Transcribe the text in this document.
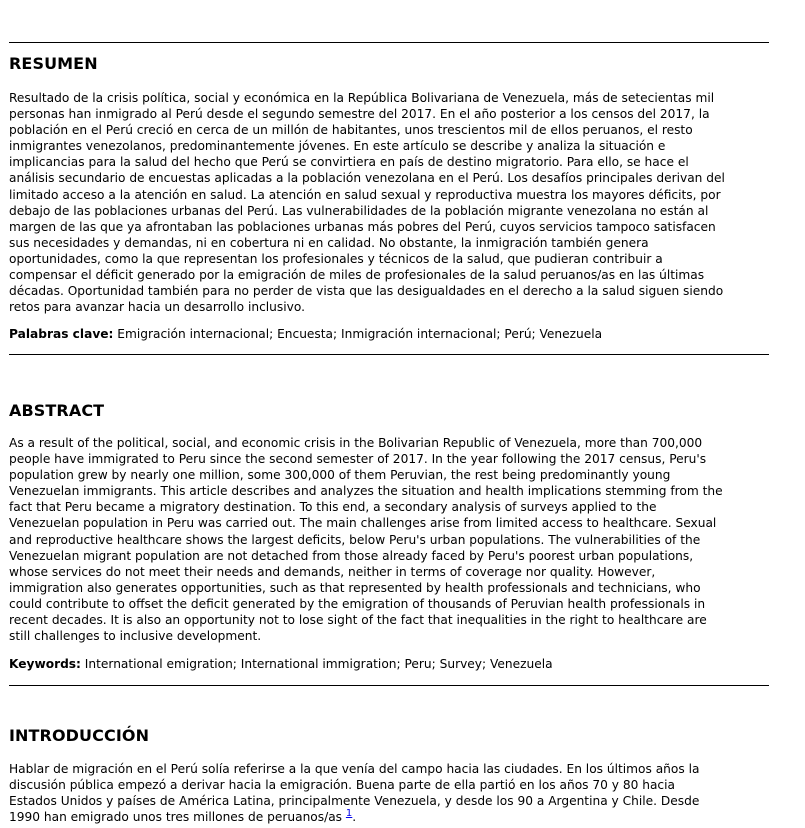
RESUMEN
Resultado de la crisis política, social y económica en la República Bolivariana de Venezuela, más de setecientas mil
personas han inmigrado al Perú desde el segundo semestre del 2017. En el año posterior a los censos del 2017, la
población en el Perú creció en cerca de un millón de habitantes, unos trescientos mil de ellos peruanos, el resto
inmigrantes venezolanos, predominantemente jóvenes. En este artículo se describe y analiza la situación e
implicancias para la salud del hecho que Perú se convirtiera en país de destino migratorio. Para ello, se hace el
análisis secundario de encuestas aplicadas a la población venezolana en el Perú. Los desafíos principales derivan del
limitado acceso a la atención en salud. La atención en salud sexual y reproductiva muestra los mayores déficits, por
debajo de las poblaciones urbanas del Perú. Las vulnerabilidades de la población migrante venezolana no están al
margen de las que ya afrontaban las poblaciones urbanas más pobres del Perú, cuyos servicios tampoco satisfacen
sus necesidades y demandas, ni en cobertura ni en calidad. No obstante, la inmigración también genera
oportunidades, como la que representan los profesionales y técnicos de la salud, que pudieran contribuir a
compensar el déficit generado por la emigración de miles de profesionales de la salud peruanos/as en las últimas
décadas. Oportunidad también para no perder de vista que las desigualdades en el derecho a la salud siguen siendo
retos para avanzar hacia un desarrollo inclusivo.

Palabras clave: Emigración internacional; Encuesta; Inmigración internacional; Perú; Venezuela

ABSTRACT
As a result of the political, social, and economic crisis in the Bolivarian Republic of Venezuela, more than 700,000
people have immigrated to Peru since the second semester of 2017. In the year following the 2017 census, Peru's
population grew by nearly one million, some 300,000 of them Peruvian, the rest being predominantly young
Venezuelan immigrants. This article describes and analyzes the situation and health implications stemming from the
fact that Peru became a migratory destination. To this end, a secondary analysis of surveys applied to the
Venezuelan population in Peru was carried out. The main challenges arise from limited access to healthcare. Sexual
and reproductive healthcare shows the largest deficits, below Peru's urban populations. The vulnerabilities of the
Venezuelan migrant population are not detached from those already faced by Peru's poorest urban populations,
whose services do not meet their needs and demands, neither in terms of coverage nor quality. However,
immigration also generates opportunities, such as that represented by health professionals and technicians, who
could contribute to offset the deficit generated by the emigration of thousands of Peruvian health professionals in
recent decades. It is also an opportunity not to lose sight of the fact that inequalities in the right to healthcare are
still challenges to inclusive development.

Keywords: International emigration; International immigration; Peru; Survey; Venezuela

INTRODUCCIÓN
Hablar de migración en el Perú solía referirse a la que venía del campo hacia las ciudades. En los últimos años la
discusión pública empezó a derivar hacia la emigración. Buena parte de ella partió en los años 70 y 80 hacia
Estados Unidos y países de América Latina, principalmente Venezuela, y desde los 90 a Argentina y Chile. Desde
1990 han emigrado unos tres millones de peruanos/as $^1$.
